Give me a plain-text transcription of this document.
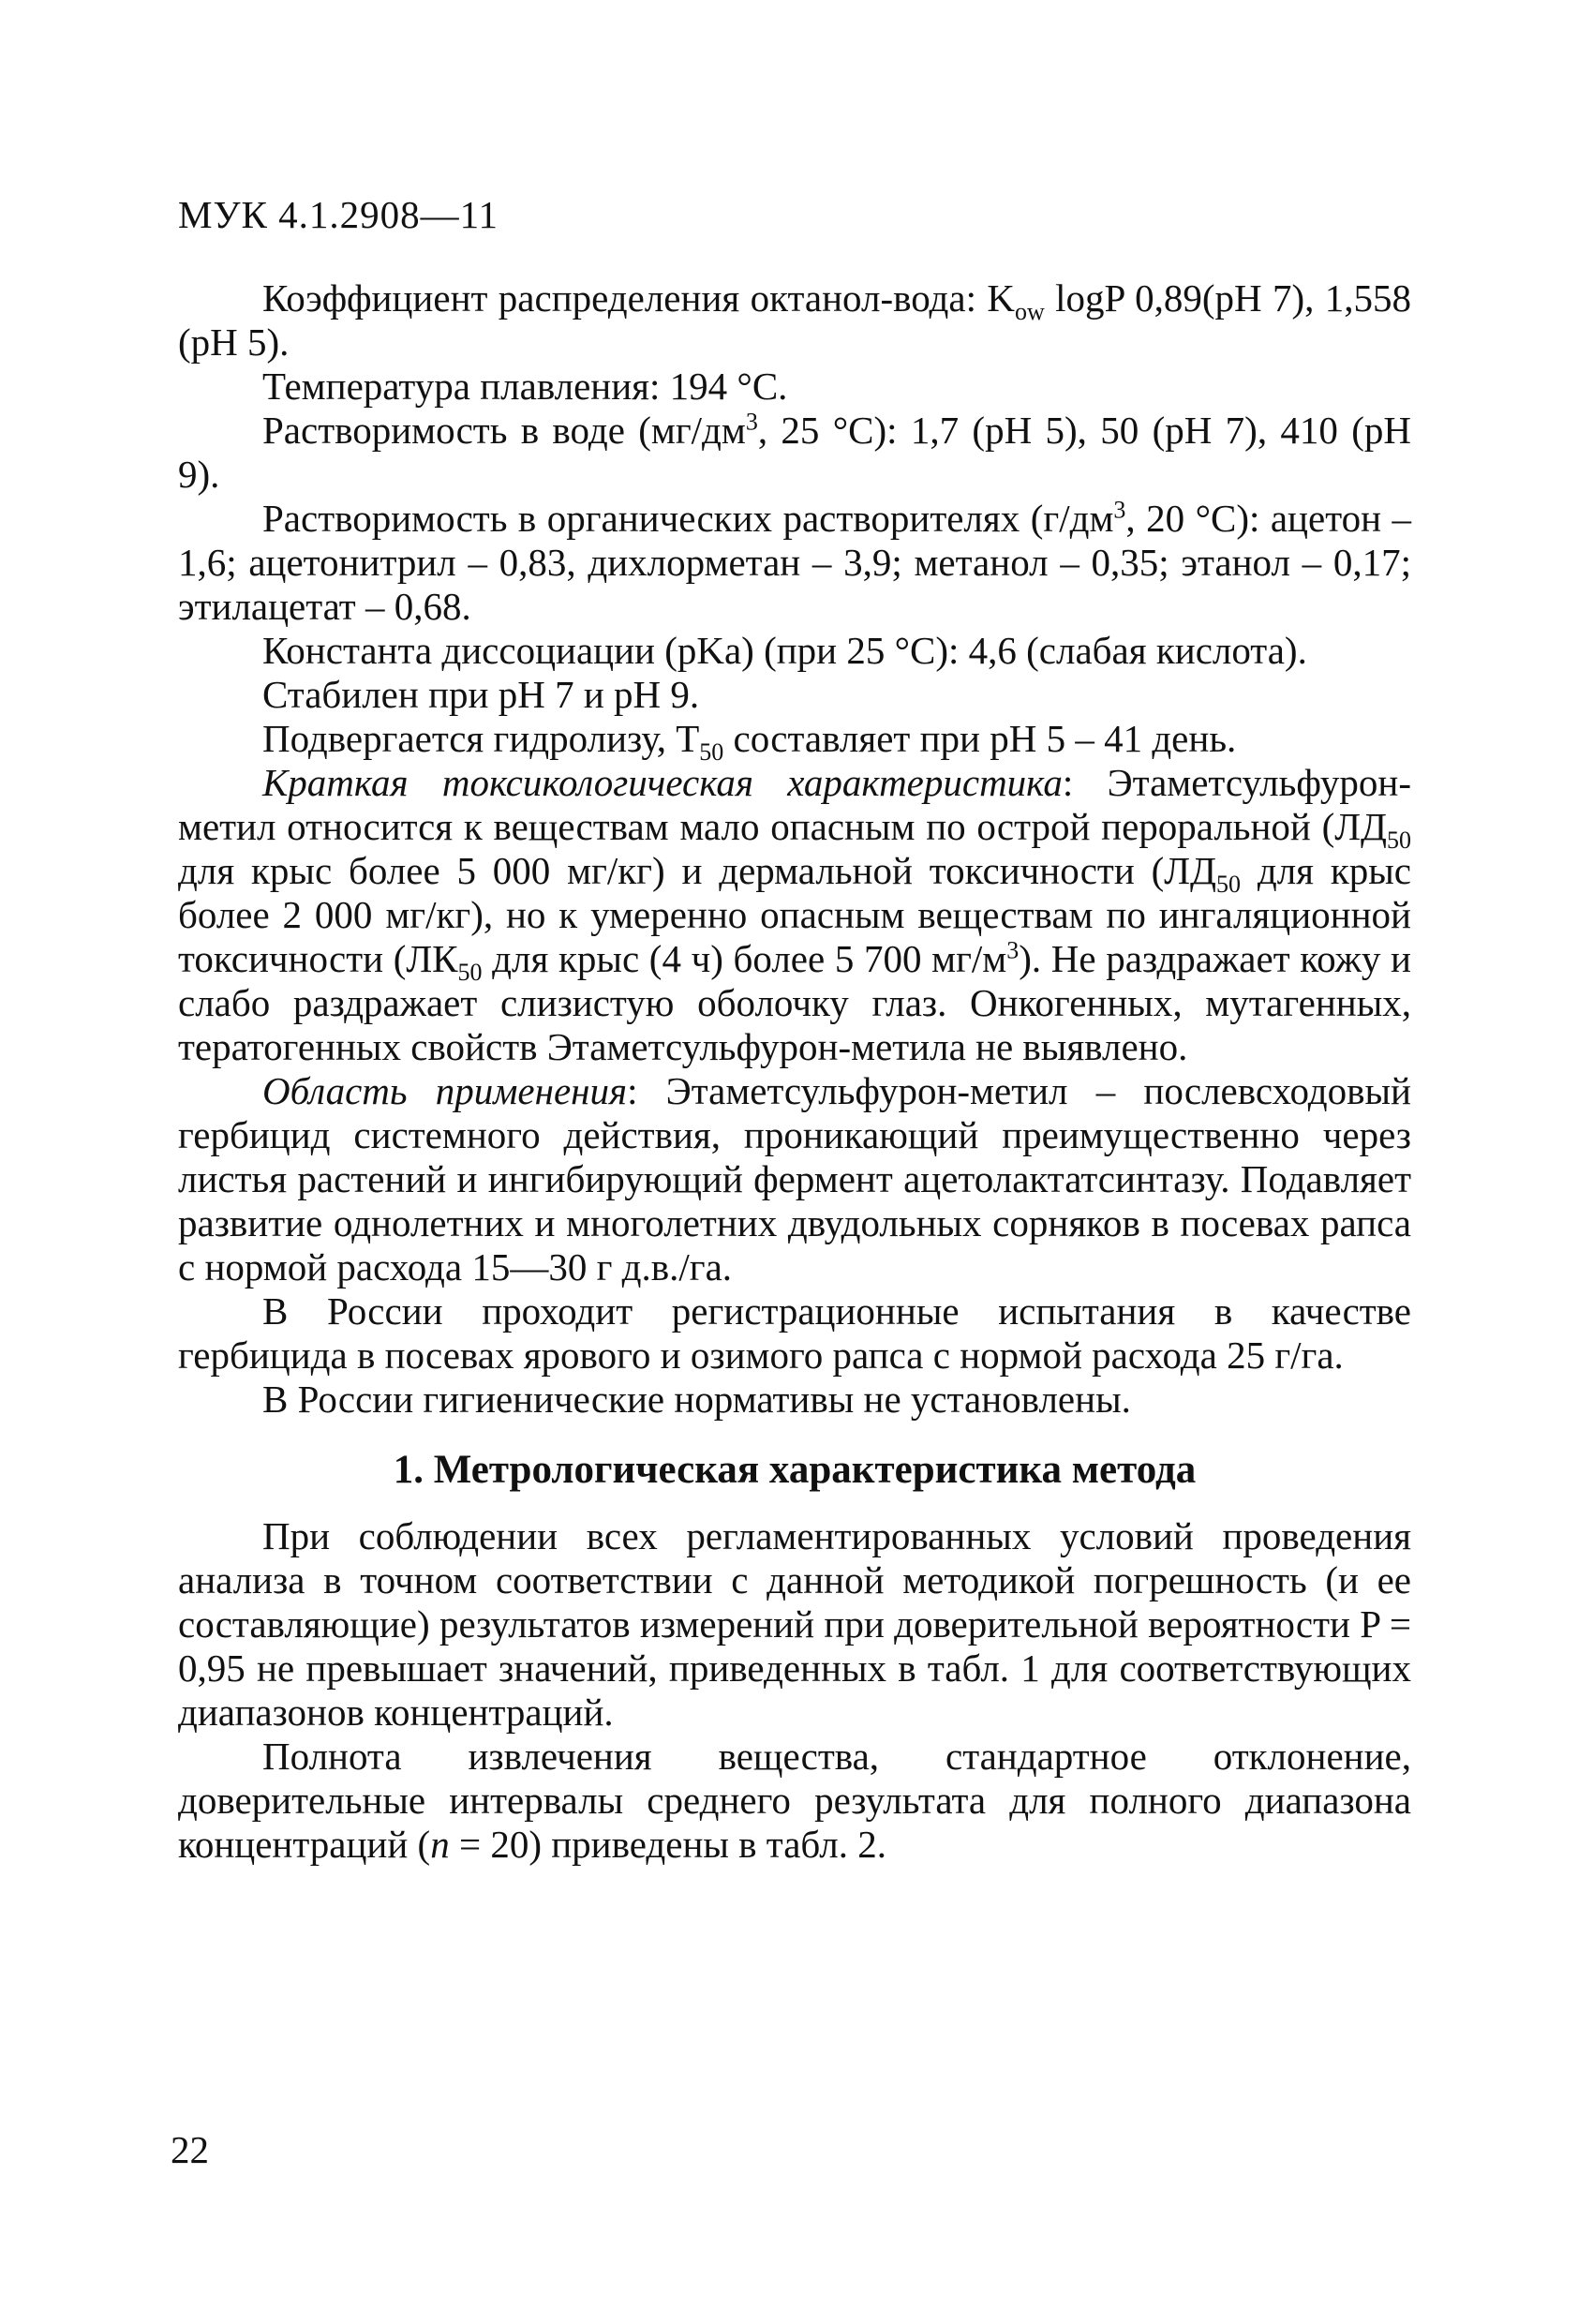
МУК 4.1.2908—11

Коэффициент распределения октанол-вода: $K_{ow}$ logP 0,89(pH 7), 1,558 (pH 5).

Температура плавления: 194 °С.

Растворимость в воде ($мг/дм^3$, 25 °С): 1,7 (pH 5), 50 (pH 7), 410 (pH 9).

Растворимость в органических растворителях ($г/дм^3$, 20 °С): ацетон – 1,6; ацетонитрил – 0,83, дихлорметан – 3,9; метанол – 0,35; этанол – 0,17; этилацетат – 0,68.

Константа диссоциации (pKa) (при 25 °С): 4,6 (слабая кислота).

Стабилен при pH 7 и pH 9.

Подвергается гидролизу, $T_{50}$ составляет при pH 5 – 41 день.

Краткая токсикологическая характеристика: Этаметсульфурон-метил относится к веществам мало опасным по острой пероральной ($ЛД_{50}$ для крыс более 5 000 мг/кг) и дермальной токсичности ($ЛД_{50}$ для крыс более 2 000 мг/кг), но к умеренно опасным веществам по ингаляционной токсичности ($ЛК_{50}$ для крыс (4 ч) более 5 700 $мг/м^3$). Не раздражает кожу и слабо раздражает слизистую оболочку глаз. Онкогенных, мутагенных, тератогенных свойств Этаметсульфурон-метила не выявлено.

Область применения: Этаметсульфурон-метил – послевсходовый гербицид системного действия, проникающий преимущественно через листья растений и ингибирующий фермент ацетолактатсинтазу. Подавляет развитие однолетних и многолетних двудольных сорняков в посевах рапса с нормой расхода 15—30 г д.в./га.

В России проходит регистрационные испытания в качестве гербицида в посевах ярового и озимого рапса с нормой расхода 25 г/га.

В России гигиенические нормативы не установлены.

1. Метрологическая характеристика метода

При соблюдении всех регламентированных условий проведения анализа в точном соответствии с данной методикой погрешность (и ее составляющие) результатов измерений при доверительной вероятности P = 0,95 не превышает значений, приведенных в табл. 1 для соответствующих диапазонов концентраций.

Полнота извлечения вещества, стандартное отклонение, доверительные интервалы среднего результата для полного диапазона концентраций (n = 20) приведены в табл. 2.

22
